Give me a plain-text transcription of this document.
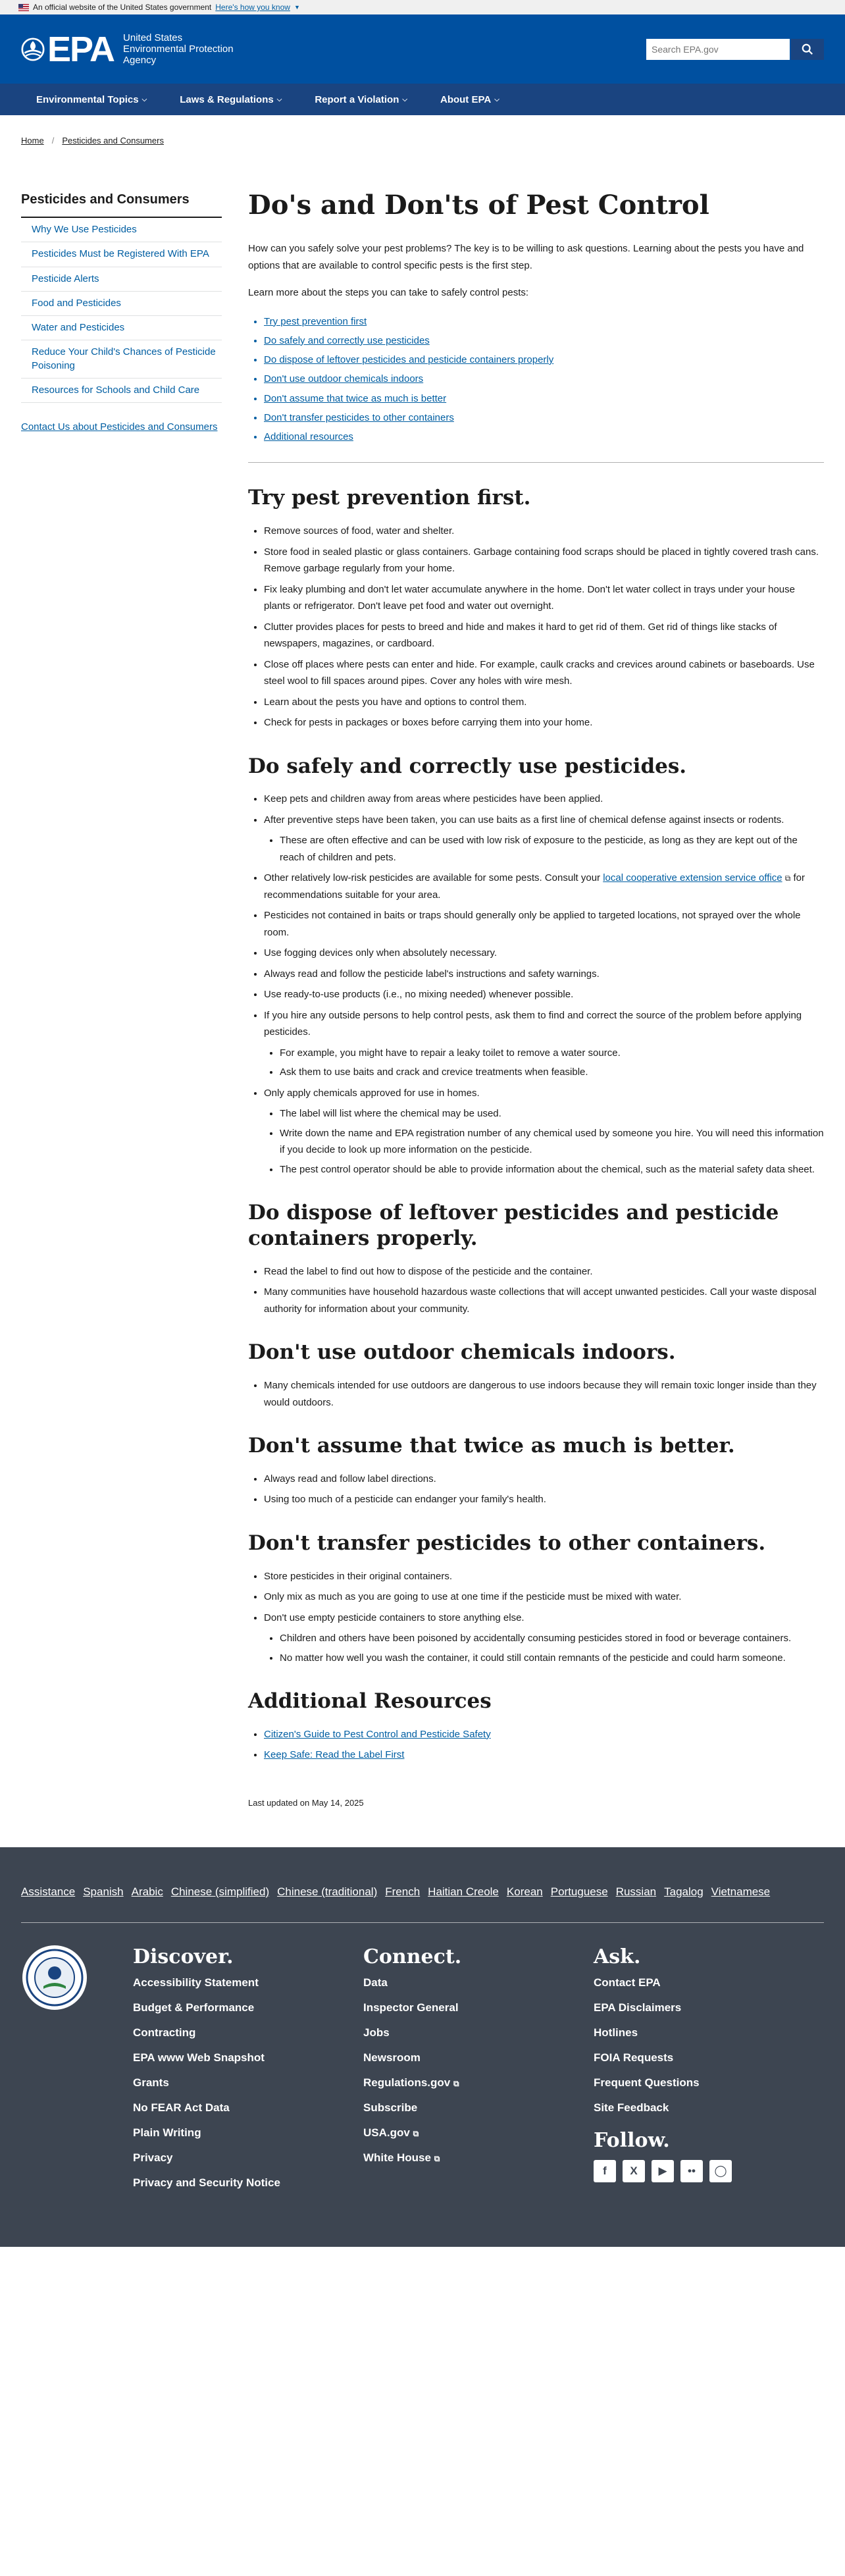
An official website of the United States government Here's how you know ▼
EPA United States
Environmental Protection
Agency
Search EPA.gov
Environmental Topics ⌵	Laws & Regulations ⌵	Report a Violation ⌵	About EPA ⌵
Home / Pesticides and Consumers
Pesticides and Consumers
Why We Use Pesticides
Pesticides Must be Registered With EPA
Pesticide Alerts
Food and Pesticides
Water and Pesticides
Reduce Your Child's Chances of Pesticide Poisoning
Resources for Schools and Child Care
Contact Us about Pesticides and Consumers
Do's and Don'ts of Pest Control

How can you safely solve your pest problems? The key is to be willing to ask questions. Learning about the pests you have and options that are available to control specific pests is the first step.

Learn more about the steps you can take to safely control pests:

• Try pest prevention first
• Do safely and correctly use pesticides
• Do dispose of leftover pesticides and pesticide containers properly
• Don't use outdoor chemicals indoors
• Don't assume that twice as much is better
• Don't transfer pesticides to other containers
• Additional resources
Try pest prevention first.
• Remove sources of food, water and shelter.
• Store food in sealed plastic or glass containers. Garbage containing food scraps should be placed in tightly covered trash cans. Remove garbage regularly from your home.
• Fix leaky plumbing and don't let water accumulate anywhere in the home. Don't let water collect in trays under your house plants or refrigerator. Don't leave pet food and water out overnight.
• Clutter provides places for pests to breed and hide and makes it hard to get rid of them. Get rid of things like stacks of newspapers, magazines, or cardboard.
• Close off places where pests can enter and hide. For example, caulk cracks and crevices around cabinets or baseboards. Use steel wool to fill spaces around pipes. Cover any holes with wire mesh.
• Learn about the pests you have and options to control them.
• Check for pests in packages or boxes before carrying them into your home.
Do safely and correctly use pesticides.
• Keep pets and children away from areas where pesticides have been applied.
• After preventive steps have been taken, you can use baits as a first line of chemical defense against insects or rodents.
• These are often effective and can be used with low risk of exposure to the pesticide, as long as they are kept out of the reach of children and pets.
• Other relatively low-risk pesticides are available for some pests. Consult your local cooperative extension service office ⧉ for recommendations suitable for your area.
• Pesticides not contained in baits or traps should generally only be applied to targeted locations, not sprayed over the whole room.
• Use fogging devices only when absolutely necessary.
• Always read and follow the pesticide label's instructions and safety warnings.
• Use ready-to-use products (i.e., no mixing needed) whenever possible.
• If you hire any outside persons to help control pests, ask them to find and correct the source of the problem before applying pesticides.
• For example, you might have to repair a leaky toilet to remove a water source.
• Ask them to use baits and crack and crevice treatments when feasible.
• Only apply chemicals approved for use in homes.
• The label will list where the chemical may be used.
• Write down the name and EPA registration number of any chemical used by someone you hire. You will need this information if you decide to look up more information on the pesticide.
• The pest control operator should be able to provide information about the chemical, such as the material safety data sheet.
Do dispose of leftover pesticides and pesticide containers properly.
• Read the label to find out how to dispose of the pesticide and the container.
• Many communities have household hazardous waste collections that will accept unwanted pesticides. Call your waste disposal authority for information about your community.
Don't use outdoor chemicals indoors.
• Many chemicals intended for use outdoors are dangerous to use indoors because they will remain toxic longer inside than they would outdoors.
Don't assume that twice as much is better.
• Always read and follow label directions.
• Using too much of a pesticide can endanger your family's health.
Don't transfer pesticides to other containers.
• Store pesticides in their original containers.
• Only mix as much as you are going to use at one time if the pesticide must be mixed with water.
• Don't use empty pesticide containers to store anything else.
• Children and others have been poisoned by accidentally consuming pesticides stored in food or beverage containers.
• No matter how well you wash the container, it could still contain remnants of the pesticide and could harm someone.
Additional Resources
• Citizen's Guide to Pest Control and Pesticide Safety
• Keep Safe: Read the Label First
Last updated on May 14, 2025
Assistance Spanish Arabic Chinese (simplified) Chinese (traditional) French Haitian Creole Korean Portuguese Russian Tagalog Vietnamese
Discover.
Accessibility Statement
Budget & Performance
Contracting
EPA www Web Snapshot
Grants
No FEAR Act Data
Plain Writing
Privacy
Privacy and Security Notice
Connect.
Data
Inspector General
Jobs
Newsroom
Regulations.gov ⧉
Subscribe
USA.gov ⧉
White House ⧉
Ask.
Contact EPA
EPA Disclaimers
Hotlines
FOIA Requests
Frequent Questions
Site Feedback
Follow.
f	X	▶	••	◯
